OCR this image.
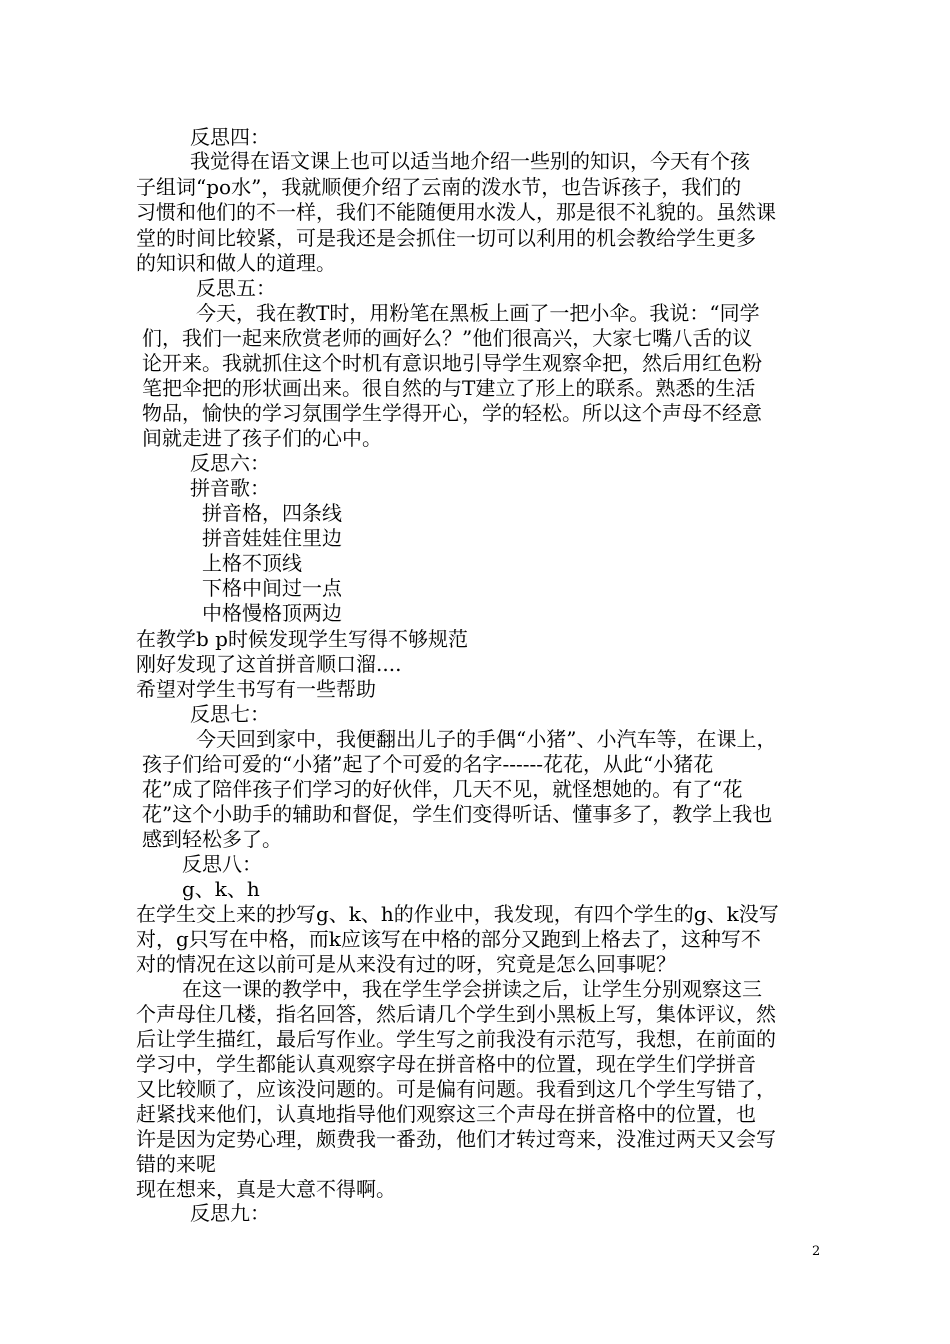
反思四：

我觉得在语文课上也可以适当地介绍一些别的知识，今天有个孩

子组词“po水”，我就顺便介绍了云南的泼水节，也告诉孩子，我们的

习惯和他们的不一样，我们不能随便用水泼人，那是很不礼貌的。虽然课

堂的时间比较紧，可是我还是会抓住一切可以利用的机会教给学生更多

的知识和做人的道理。

反思五：

今天，我在教T时，用粉笔在黑板上画了一把小伞。我说：“同学

们，我们一起来欣赏老师的画好么？”他们很高兴，大家七嘴八舌的议

论开来。我就抓住这个时机有意识地引导学生观察伞把，然后用红色粉

笔把伞把的形状画出来。很自然的与T建立了形上的联系。熟悉的生活

物品，愉快的学习氛围学生学得开心，学的轻松。所以这个声母不经意

间就走进了孩子们的心中。

反思六：

拼音歌：

拼音格，四条线

拼音娃娃住里边

上格不顶线

下格中间过一点

中格慢格顶两边

在教学b p时候发现学生写得不够规范

刚好发现了这首拼音顺口溜....

希望对学生书写有一些帮助

反思七：

今天回到家中，我便翻出儿子的手偶“小猪”、小汽车等，在课上，

孩子们给可爱的“小猪”起了个可爱的名字------花花，从此“小猪花

花”成了陪伴孩子们学习的好伙伴，几天不见，就怪想她的。有了“花

花”这个小助手的辅助和督促，学生们变得听话、懂事多了，教学上我也

感到轻松多了。

反思八：

g、k、h

在学生交上来的抄写g、k、h的作业中，我发现，有四个学生的g、k没写

对，g只写在中格，而k应该写在中格的部分又跑到上格去了，这种写不

对的情况在这以前可是从来没有过的呀，究竟是怎么回事呢？

在这一课的教学中，我在学生学会拼读之后，让学生分别观察这三

个声母住几楼，指名回答，然后请几个学生到小黑板上写，集体评议，然

后让学生描红，最后写作业。学生写之前我没有示范写，我想，在前面的

学习中，学生都能认真观察字母在拼音格中的位置，现在学生们学拼音

又比较顺了，应该没问题的。可是偏有问题。我看到这几个学生写错了，

赶紧找来他们，认真地指导他们观察这三个声母在拼音格中的位置，也

许是因为定势心理，颇费我一番劲，他们才转过弯来，没准过两天又会写

错的来呢

现在想来，真是大意不得啊。

反思九：

2
